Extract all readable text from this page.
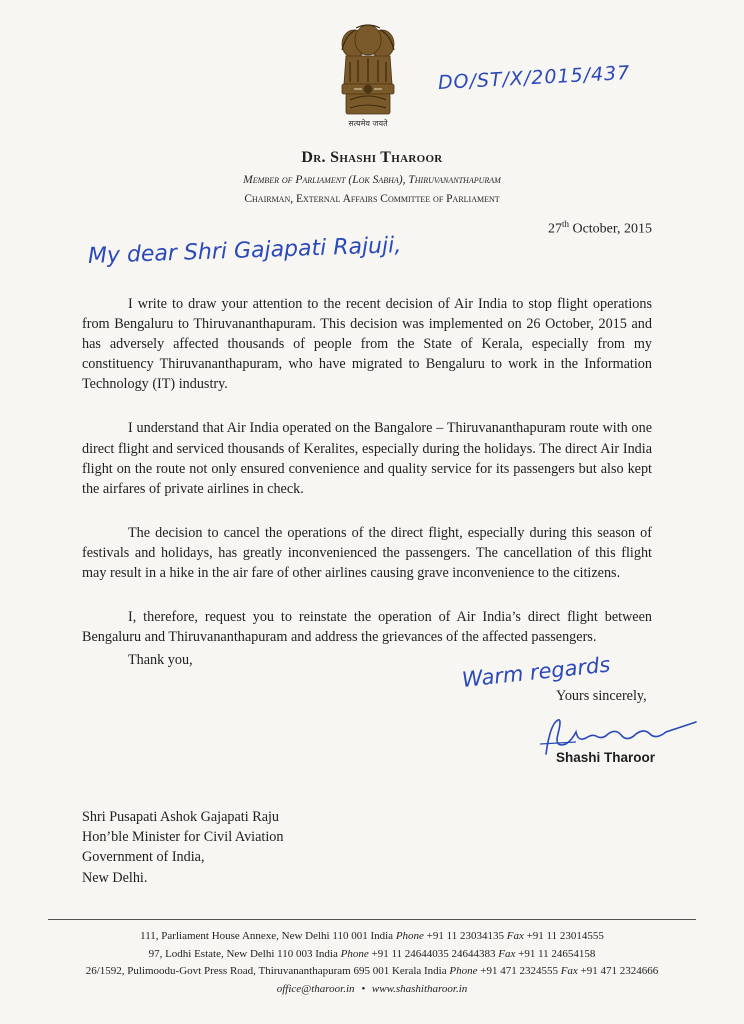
सत्यमेव जयते
DO/ST/X/2015/437
Dr. Shashi Tharoor
Member of Parliament (Lok Sabha), Thiruvananthapuram
Chairman, External Affairs Committee of Parliament
27th October, 2015
My dear Shri Gajapati Rajuji,

I write to draw your attention to the recent decision of Air India to stop flight operations from Bengaluru to Thiruvananthapuram. This decision was implemented on 26 October, 2015 and has adversely affected thousands of people from the State of Kerala, especially from my constituency Thiruvananthapuram, who have migrated to Bengaluru to work in the Information Technology (IT) industry.

I understand that Air India operated on the Bangalore – Thiruvananthapuram route with one direct flight and serviced thousands of Keralites, especially during the holidays. The direct Air India flight on the route not only ensured convenience and quality service for its passengers but also kept the airfares of private airlines in check.

The decision to cancel the operations of the direct flight, especially during this season of festivals and holidays, has greatly inconvenienced the passengers. The cancellation of this flight may result in a hike in the air fare of other airlines causing grave inconvenience to the citizens.

I, therefore, request you to reinstate the operation of Air India’s direct flight between Bengaluru and Thiruvananthapuram and address the grievances of the affected passengers.

Thank you,	Warm regards
Yours sincerely,
Shashi Tharoor
Shri Pusapati Ashok Gajapati Raju
Hon’ble Minister for Civil Aviation
Government of India,
New Delhi.
111, Parliament House Annexe, New Delhi 110 001 India Phone +91 11 23034135 Fax +91 11 23014555
97, Lodhi Estate, New Delhi 110 003 India Phone +91 11 24644035 24644383 Fax +91 11 24654158
26/1592, Pulimoodu-Govt Press Road, Thiruvananthapuram 695 001 Kerala India Phone +91 471 2324555 Fax +91 471 2324666
office@tharoor.in • www.shashitharoor.in
